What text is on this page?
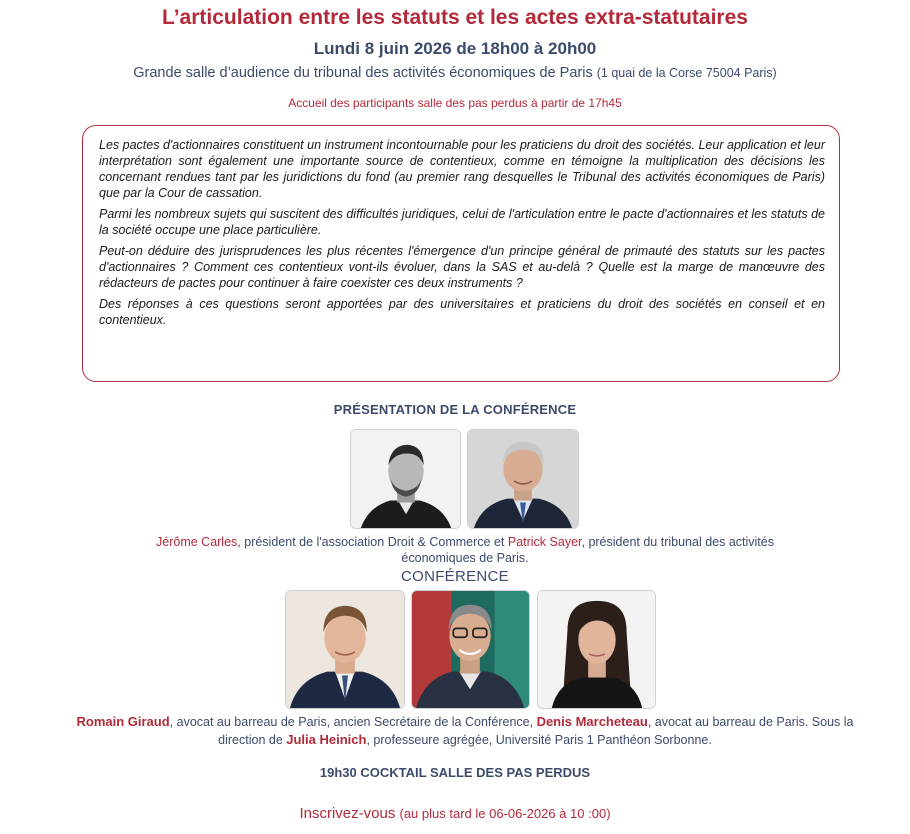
L’articulation entre les statuts et les actes extra-statutaires
Lundi 8 juin 2026 de 18h00 à 20h00
Grande salle d’audience du tribunal des activités économiques de Paris (1 quai de la Corse 75004 Paris)
Accueil des participants salle des pas perdus à partir de 17h45

Les pactes d'actionnaires constituent un instrument incontournable pour les praticiens du droit des sociétés. Leur application et leur interprétation sont également une importante source de contentieux, comme en témoigne la multiplication des décisions les concernant rendues tant par les juridictions du fond (au premier rang desquelles le Tribunal des activités économiques de Paris) que par la Cour de cassation.

Parmi les nombreux sujets qui suscitent des difficultés juridiques, celui de l'articulation entre le pacte d'actionnaires et les statuts de la société occupe une place particulière.

Peut-on déduire des jurisprudences les plus récentes l'émergence d'un principe général de primauté des statuts sur les pactes d'actionnaires ? Comment ces contentieux vont-ils évoluer, dans la SAS et au-delà ? Quelle est la marge de manœuvre des rédacteurs de pactes pour continuer à faire coexister ces deux instruments ?

Des réponses à ces questions seront apportées par des universitaires et praticiens du droit des sociétés en conseil et en contentieux.

PRÉSENTATION DE LA CONFÉRENCE
Jérôme Carles, président de l'association Droit & Commerce et Patrick Sayer, président du tribunal des activités économiques de Paris.
CONFÉRENCE
Romain Giraud, avocat au barreau de Paris, ancien Secrétaire de la Conférence, Denis Marcheteau, avocat au barreau de Paris. Sous la direction de Julia Heinich, professeure agrégée, Université Paris 1 Panthéon Sorbonne.
19h30 COCKTAIL SALLE DES PAS PERDUS
Inscrivez-vous (au plus tard le 06-06-2026 à 10 :00)
